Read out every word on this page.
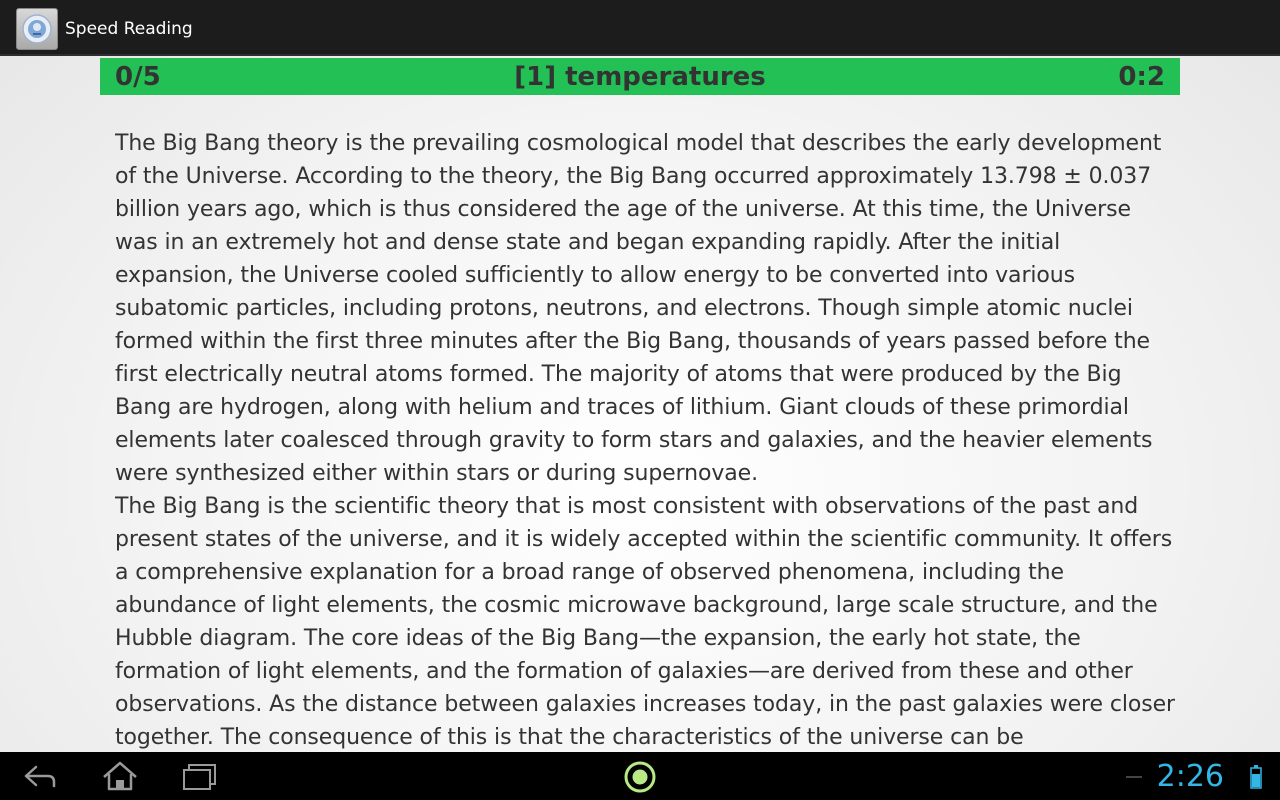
Speed Reading
[1] temperatures
0/5	0:2

The Big Bang theory is the prevailing cosmological model that describes the early development of the Universe. According to the theory, the Big Bang occurred approximately 13.798 ± 0.037 billion years ago, which is thus considered the age of the universe. At this time, the Universe was in an extremely hot and dense state and began expanding rapidly. After the initial expansion, the Universe cooled sufficiently to allow energy to be converted into various subatomic particles, including protons, neutrons, and electrons. Though simple atomic nuclei formed within the first three minutes after the Big Bang, thousands of years passed before the first electrically neutral atoms formed. The majority of atoms that were produced by the Big Bang are hydrogen, along with helium and traces of lithium. Giant clouds of these primordial elements later coalesced through gravity to form stars and galaxies, and the heavier elements were synthesized either within stars or during supernovae.

The Big Bang is the scientific theory that is most consistent with observations of the past and present states of the universe, and it is widely accepted within the scientific community. It offers a comprehensive explanation for a broad range of observed phenomena, including the abundance of light elements, the cosmic microwave background, large scale structure, and the Hubble diagram. The core ideas of the Big Bang—the expansion, the early hot state, the formation of light elements, and the formation of galaxies—are derived from these and other observations. As the distance between galaxies increases today, in the past galaxies were closer together. The consequence of this is that the characteristics of the universe can be

2:26
